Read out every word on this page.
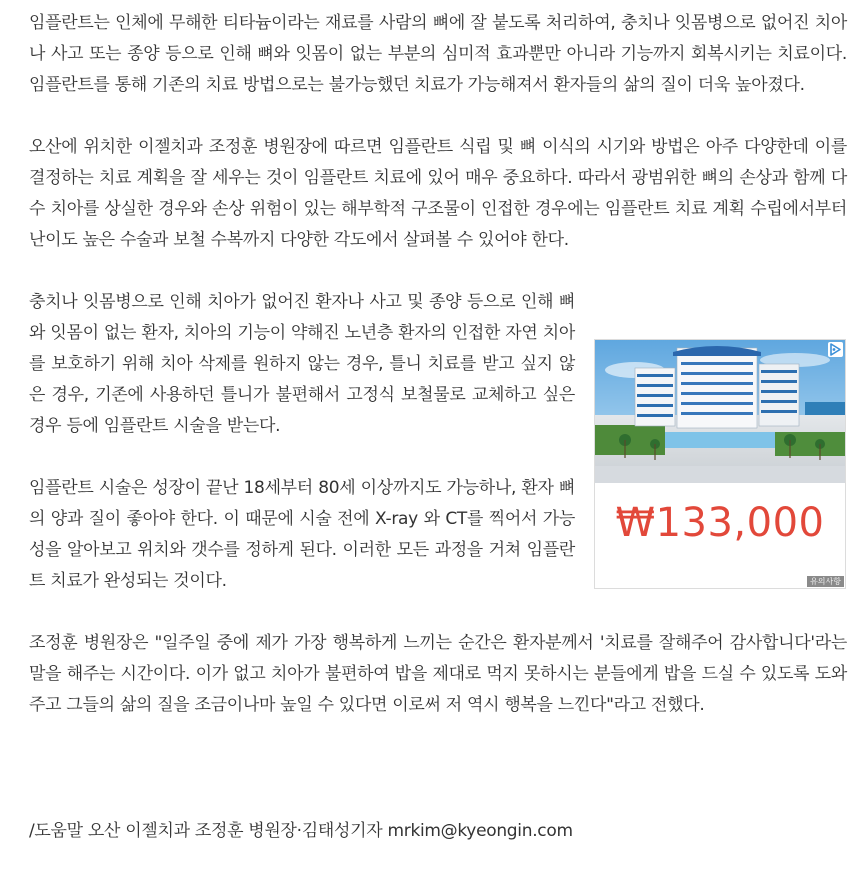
임플란트는 인체에 무해한 티타늄이라는 재료를 사람의 뼈에 잘 붙도록 처리하여, 충치나 잇몸병으로 없어진 치아나 사고 또는 종양 등으로 인해 뼈와 잇몸이 없는 부분의 심미적 효과뿐만 아니라 기능까지 회복시키는 치료이다. 임플란트를 통해 기존의 치료 방법으로는 불가능했던 치료가 가능해져서 환자들의 삶의 질이 더욱 높아졌다.

오산에 위치한 이젤치과 조정훈 병원장에 따르면 임플란트 식립 및 뼈 이식의 시기와 방법은 아주 다양한데 이를 결정하는 치료 계획을 잘 세우는 것이 임플란트 치료에 있어 매우 중요하다. 따라서 광범위한 뼈의 손상과 함께 다수 치아를 상실한 경우와 손상 위험이 있는 해부학적 구조물이 인접한 경우에는 임플란트 치료 계획 수립에서부터 난이도 높은 수술과 보철 수복까지 다양한 각도에서 살펴볼 수 있어야 한다.

충치나 잇몸병으로 인해 치아가 없어진 환자나 사고 및 종양 등으로 인해 뼈와 잇몸이 없는 환자, 치아의 기능이 약해진 노년층 환자의 인접한 자연 치아를 보호하기 위해 치아 삭제를 원하지 않는 경우, 틀니 치료를 받고 싶지 않은 경우, 기존에 사용하던 틀니가 불편해서 고정식 보철물로 교체하고 싶은 경우 등에 임플란트 시술을 받는다.

임플란트 시술은 성장이 끝난 18세부터 80세 이상까지도 가능하나, 환자 뼈의 양과 질이 좋아야 한다. 이 때문에 시술 전에 X-ray 와 CT를 찍어서 가능성을 알아보고 위치와 갯수를 정하게 된다. 이러한 모든 과정을 거쳐 임플란트 치료가 완성되는 것이다.

조정훈 병원장은 "일주일 중에 제가 가장 행복하게 느끼는 순간은 환자분께서 '치료를 잘해주어 감사합니다'라는 말을 해주는 시간이다. 이가 없고 치아가 불편하여 밥을 제대로 먹지 못하시는 분들에게 밥을 드실 수 있도록 도와주고 그들의 삶의 질을 조금이나마 높일 수 있다면 이로써 저 역시 행복을 느낀다"라고 전했다.

₩133,000
유의사항
/도움말 오산 이젤치과 조정훈 병원장·김태성기자 mrkim@kyeongin.com
